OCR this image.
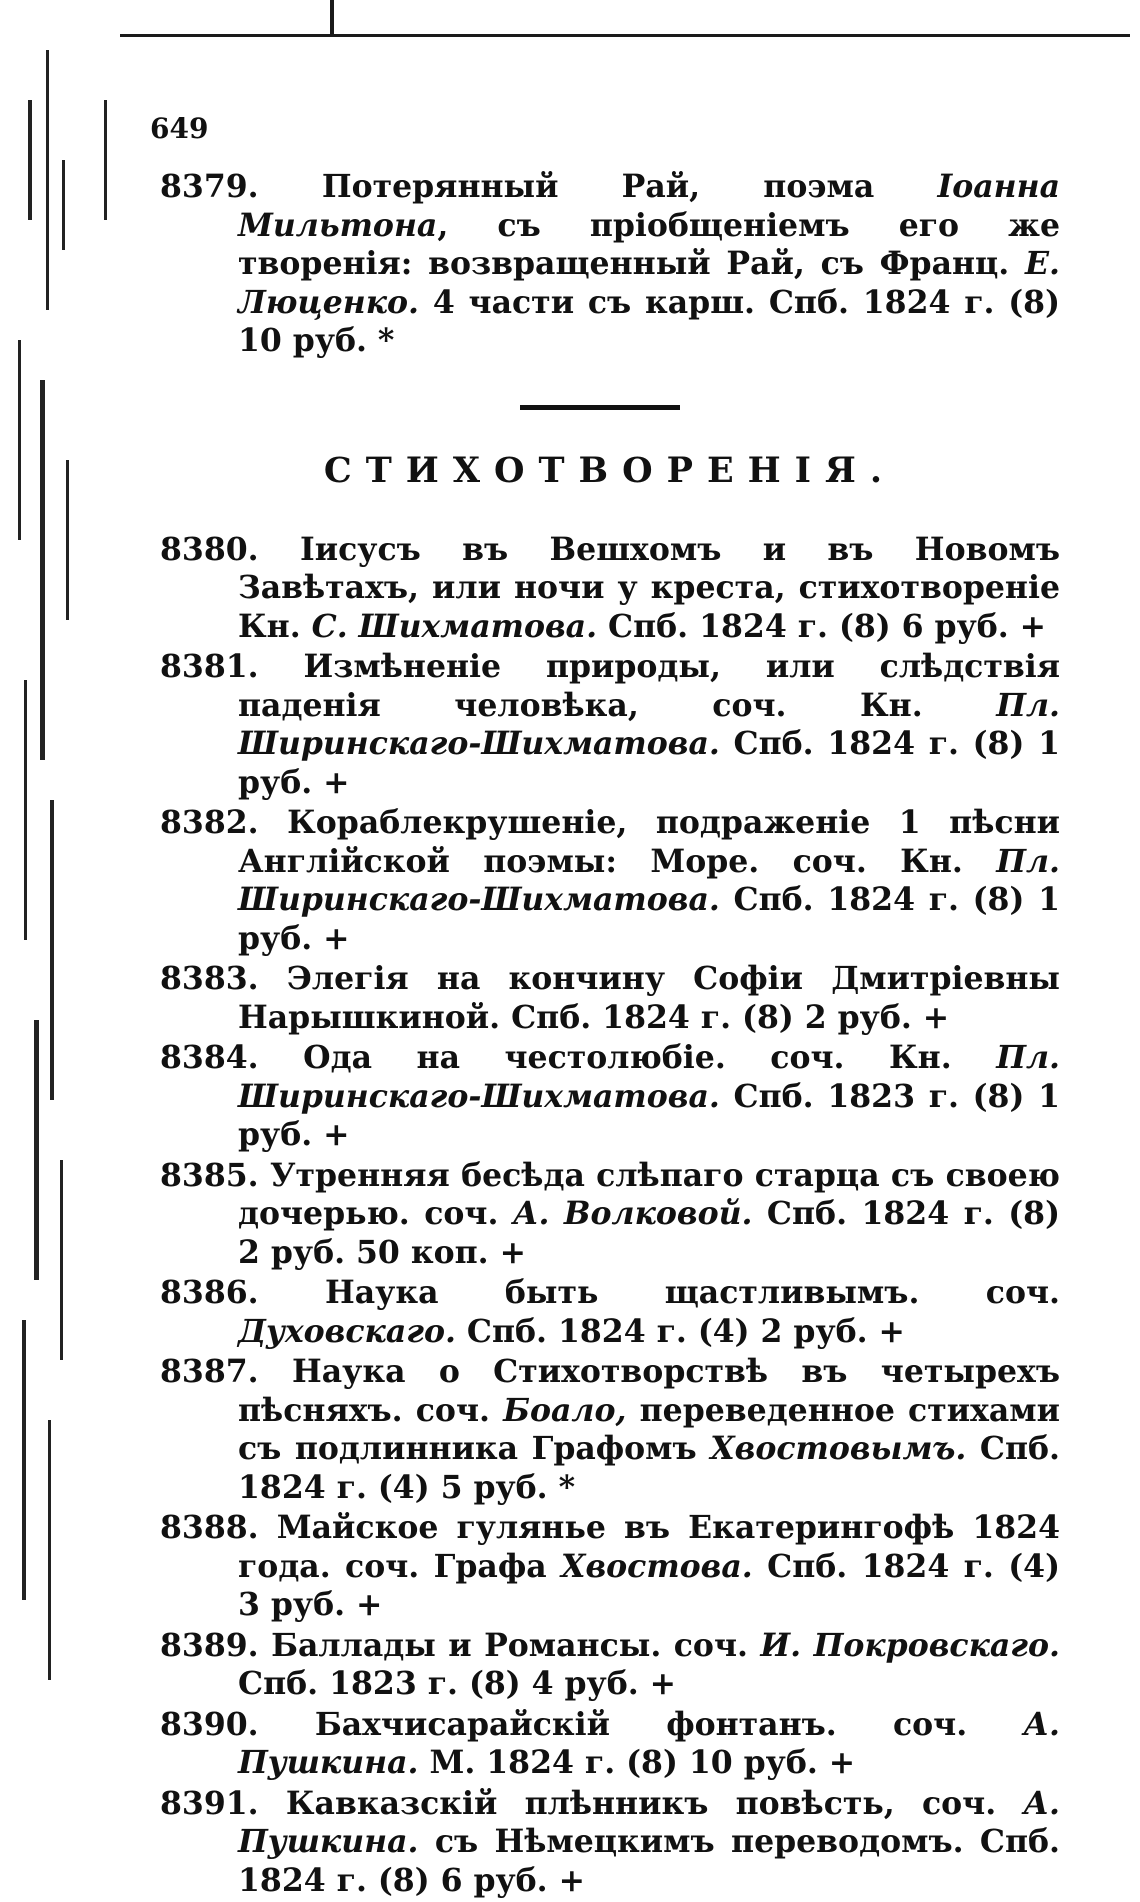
649

8379. Потерянный Рай, поэма Іоанна Мильтона, съ пріобщеніемъ его же творенія: возвращенный Рай, съ Франц. Е. Люценко. 4 части съ карш. Спб. 1824 г. (8) 10 руб. *

СТИХОТВОРЕНІЯ.

8380. Іисусъ въ Вешхомъ и въ Новомъ Завѣтахъ, или ночи у креста, стихотвореніе Кн. С. Шихматова. Спб. 1824 г. (8) 6 руб. +

8381. Измѣненіе природы, или слѣдствія паденія человѣка, соч. Кн. Пл. Ширинскаго-Шихматова. Спб. 1824 г. (8) 1 руб. +

8382. Кораблекрушеніе, подраженіе 1 пѣсни Англійской поэмы: Море. соч. Кн. Пл. Ширинскаго-Шихматова. Спб. 1824 г. (8) 1 руб. +

8383. Элегія на кончину Софіи Дмитріевны Нарышкиной. Спб. 1824 г. (8) 2 руб. +

8384. Ода на честолюбіе. соч. Кн. Пл. Ширинскаго-Шихматова. Спб. 1823 г. (8) 1 руб. +

8385. Утренняя бесѣда слѣпаго старца съ своею дочерью. соч. А. Волковой. Спб. 1824 г. (8) 2 руб. 50 коп. +

8386. Наука быть щастливымъ. соч. Духовскаго. Спб. 1824 г. (4) 2 руб. +

8387. Наука о Стихотворствѣ въ четырехъ пѣсняхъ. соч. Боало, переведенное стихами съ подлинника Графомъ Хвостовымъ. Спб. 1824 г. (4) 5 руб. *

8388. Майское гулянье въ Екатерингофѣ 1824 года. соч. Графа Хвостова. Спб. 1824 г. (4) 3 руб. +

8389. Баллады и Романсы. соч. И. Покровскаго. Спб. 1823 г. (8) 4 руб. +

8390. Бахчисарайскій фонтанъ. соч. А. Пушкина. М. 1824 г. (8) 10 руб. +

8391. Кавказскій плѣнникъ повѣсть, соч. А. Пушкина. съ Нѣмецкимъ переводомъ. Спб. 1824 г. (8) 6 руб. +
